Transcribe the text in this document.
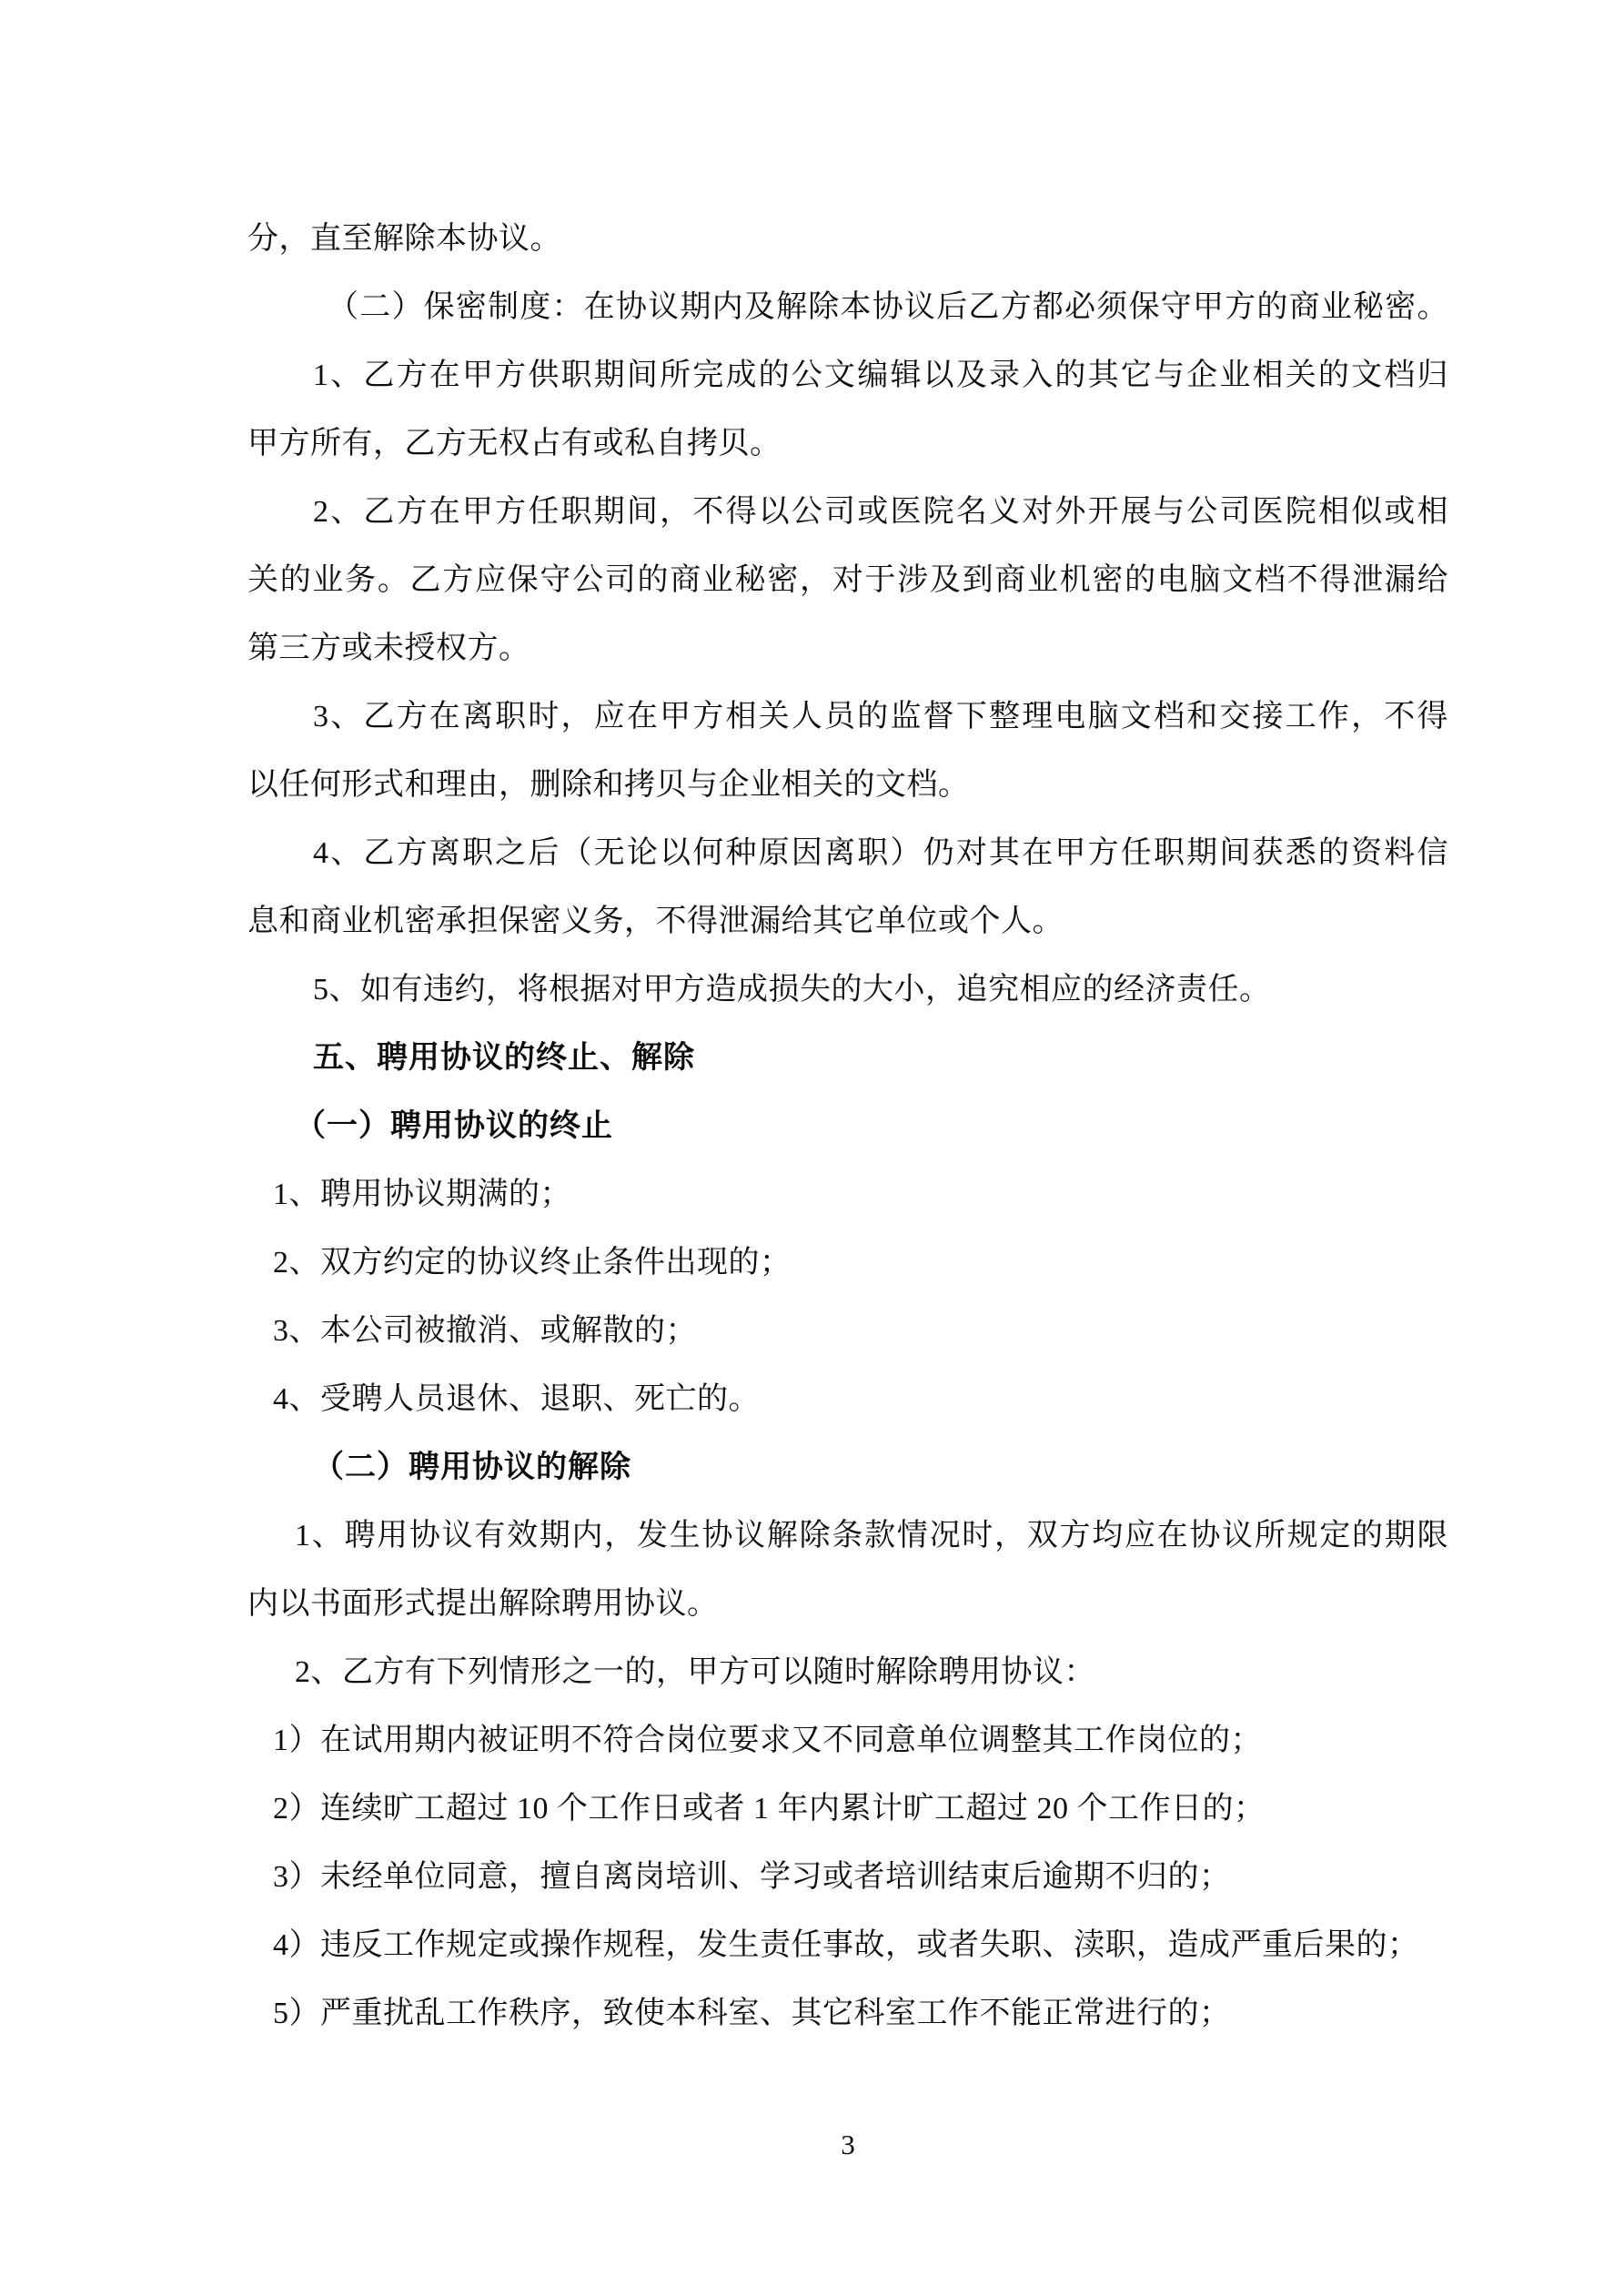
分，直至解除本协议。
（二）保密制度：在协议期内及解除本协议后乙方都必须保守甲方的商业秘密。
1、乙方在甲方供职期间所完成的公文编辑以及录入的其它与企业相关的文档归
甲方所有，乙方无权占有或私自拷贝。
2、乙方在甲方任职期间，不得以公司或医院名义对外开展与公司医院相似或相
关的业务。乙方应保守公司的商业秘密，对于涉及到商业机密的电脑文档不得泄漏给
第三方或未授权方。
3、乙方在离职时，应在甲方相关人员的监督下整理电脑文档和交接工作，不得
以任何形式和理由，删除和拷贝与企业相关的文档。
4、乙方离职之后（无论以何种原因离职）仍对其在甲方任职期间获悉的资料信
息和商业机密承担保密义务，不得泄漏给其它单位或个人。
5、如有违约，将根据对甲方造成损失的大小，追究相应的经济责任。
五、聘用协议的终止、解除
（一）聘用协议的终止
1、聘用协议期满的；
2、双方约定的协议终止条件出现的；
3、本公司被撤消、或解散的；
4、受聘人员退休、退职、死亡的。
（二）聘用协议的解除
1、聘用协议有效期内，发生协议解除条款情况时，双方均应在协议所规定的期限
内以书面形式提出解除聘用协议。
2、乙方有下列情形之一的，甲方可以随时解除聘用协议：
1）在试用期内被证明不符合岗位要求又不同意单位调整其工作岗位的；
2）连续旷工超过 10 个工作日或者 1 年内累计旷工超过 20 个工作日的；
3）未经单位同意，擅自离岗培训、学习或者培训结束后逾期不归的；
4）违反工作规定或操作规程，发生责任事故，或者失职、渎职，造成严重后果的；
5）严重扰乱工作秩序，致使本科室、其它科室工作不能正常进行的；
3
